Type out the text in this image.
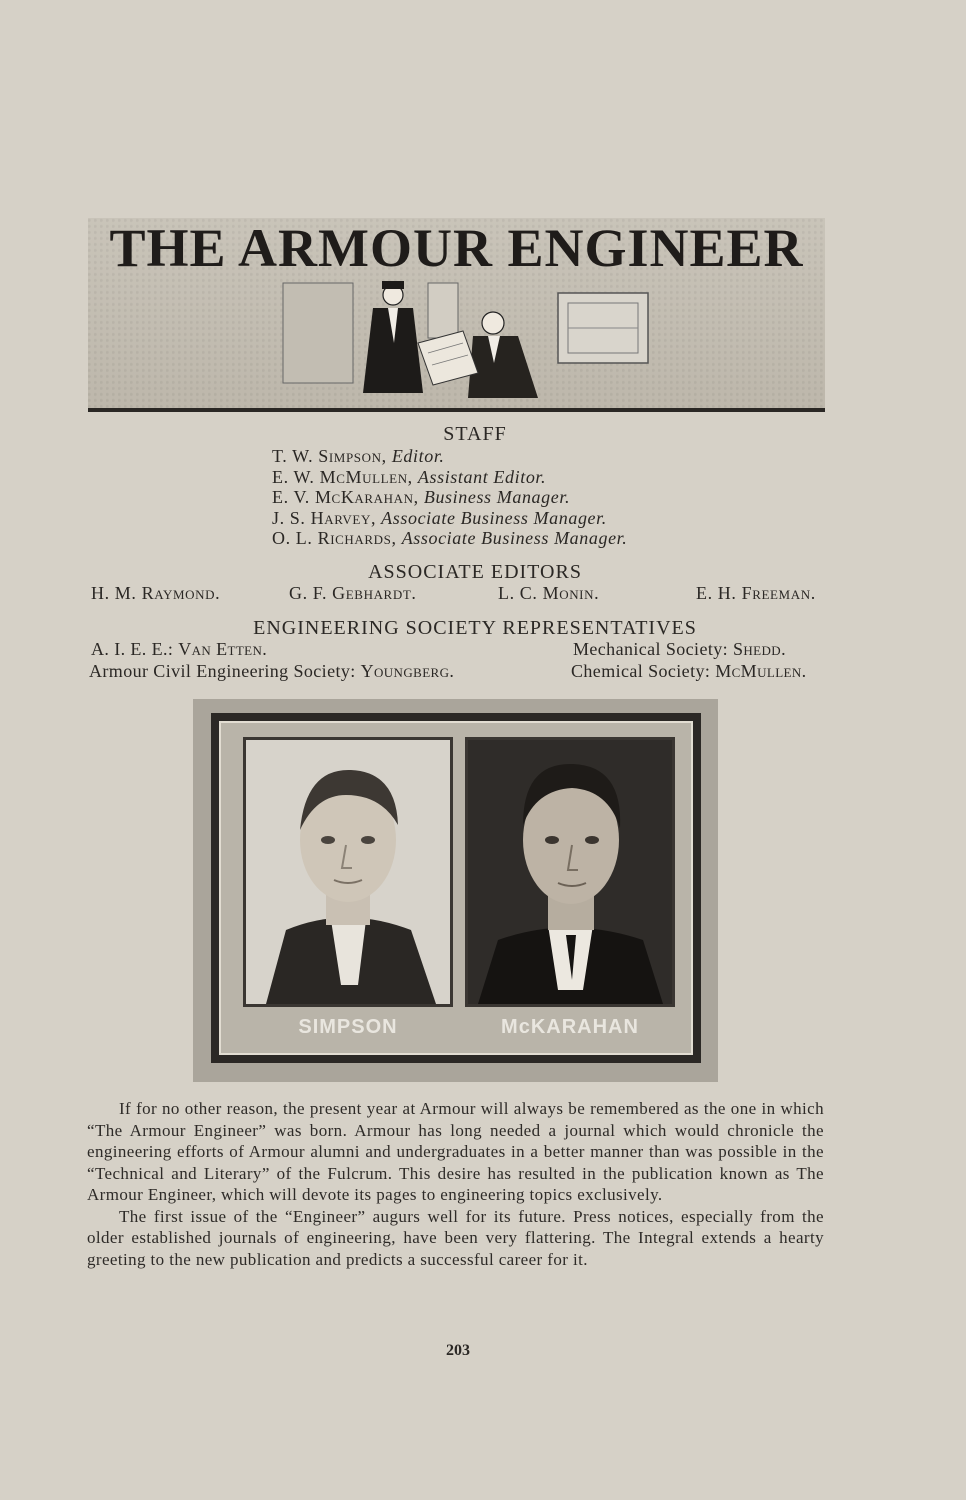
THE ARMOUR ENGINEER
STAFF
T. W. Simpson, Editor.
E. W. McMullen, Assistant Editor.
E. V. McKarahan, Business Manager.
J. S. Harvey, Associate Business Manager.
O. L. Richards, Associate Business Manager.
ASSOCIATE EDITORS
H. M. Raymond.	G. F. Gebhardt.	L. C. Monin.	E. H. Freeman.
ENGINEERING SOCIETY REPRESENTATIVES
A. I. E. E.: Van Etten.	Mechanical Society: Shedd.
Armour Civil Engineering Society: Youngberg.	Chemical Society: McMullen.
SIMPSON	McKARAHAN

If for no other reason, the present year at Armour will always be remembered as the one in which “The Armour Engineer” was born. Armour has long needed a journal which would chronicle the engineering efforts of Armour alumni and undergraduates in a better manner than was possible in the “Technical and Literary” of the Fulcrum. This desire has resulted in the publication known as The Armour Engineer, which will devote its pages to engineering topics exclusively.

The first issue of the “Engineer” augurs well for its future. Press notices, especially from the older established journals of engineering, have been very flattering. The Integral extends a hearty greeting to the new publication and predicts a successful career for it.

203
